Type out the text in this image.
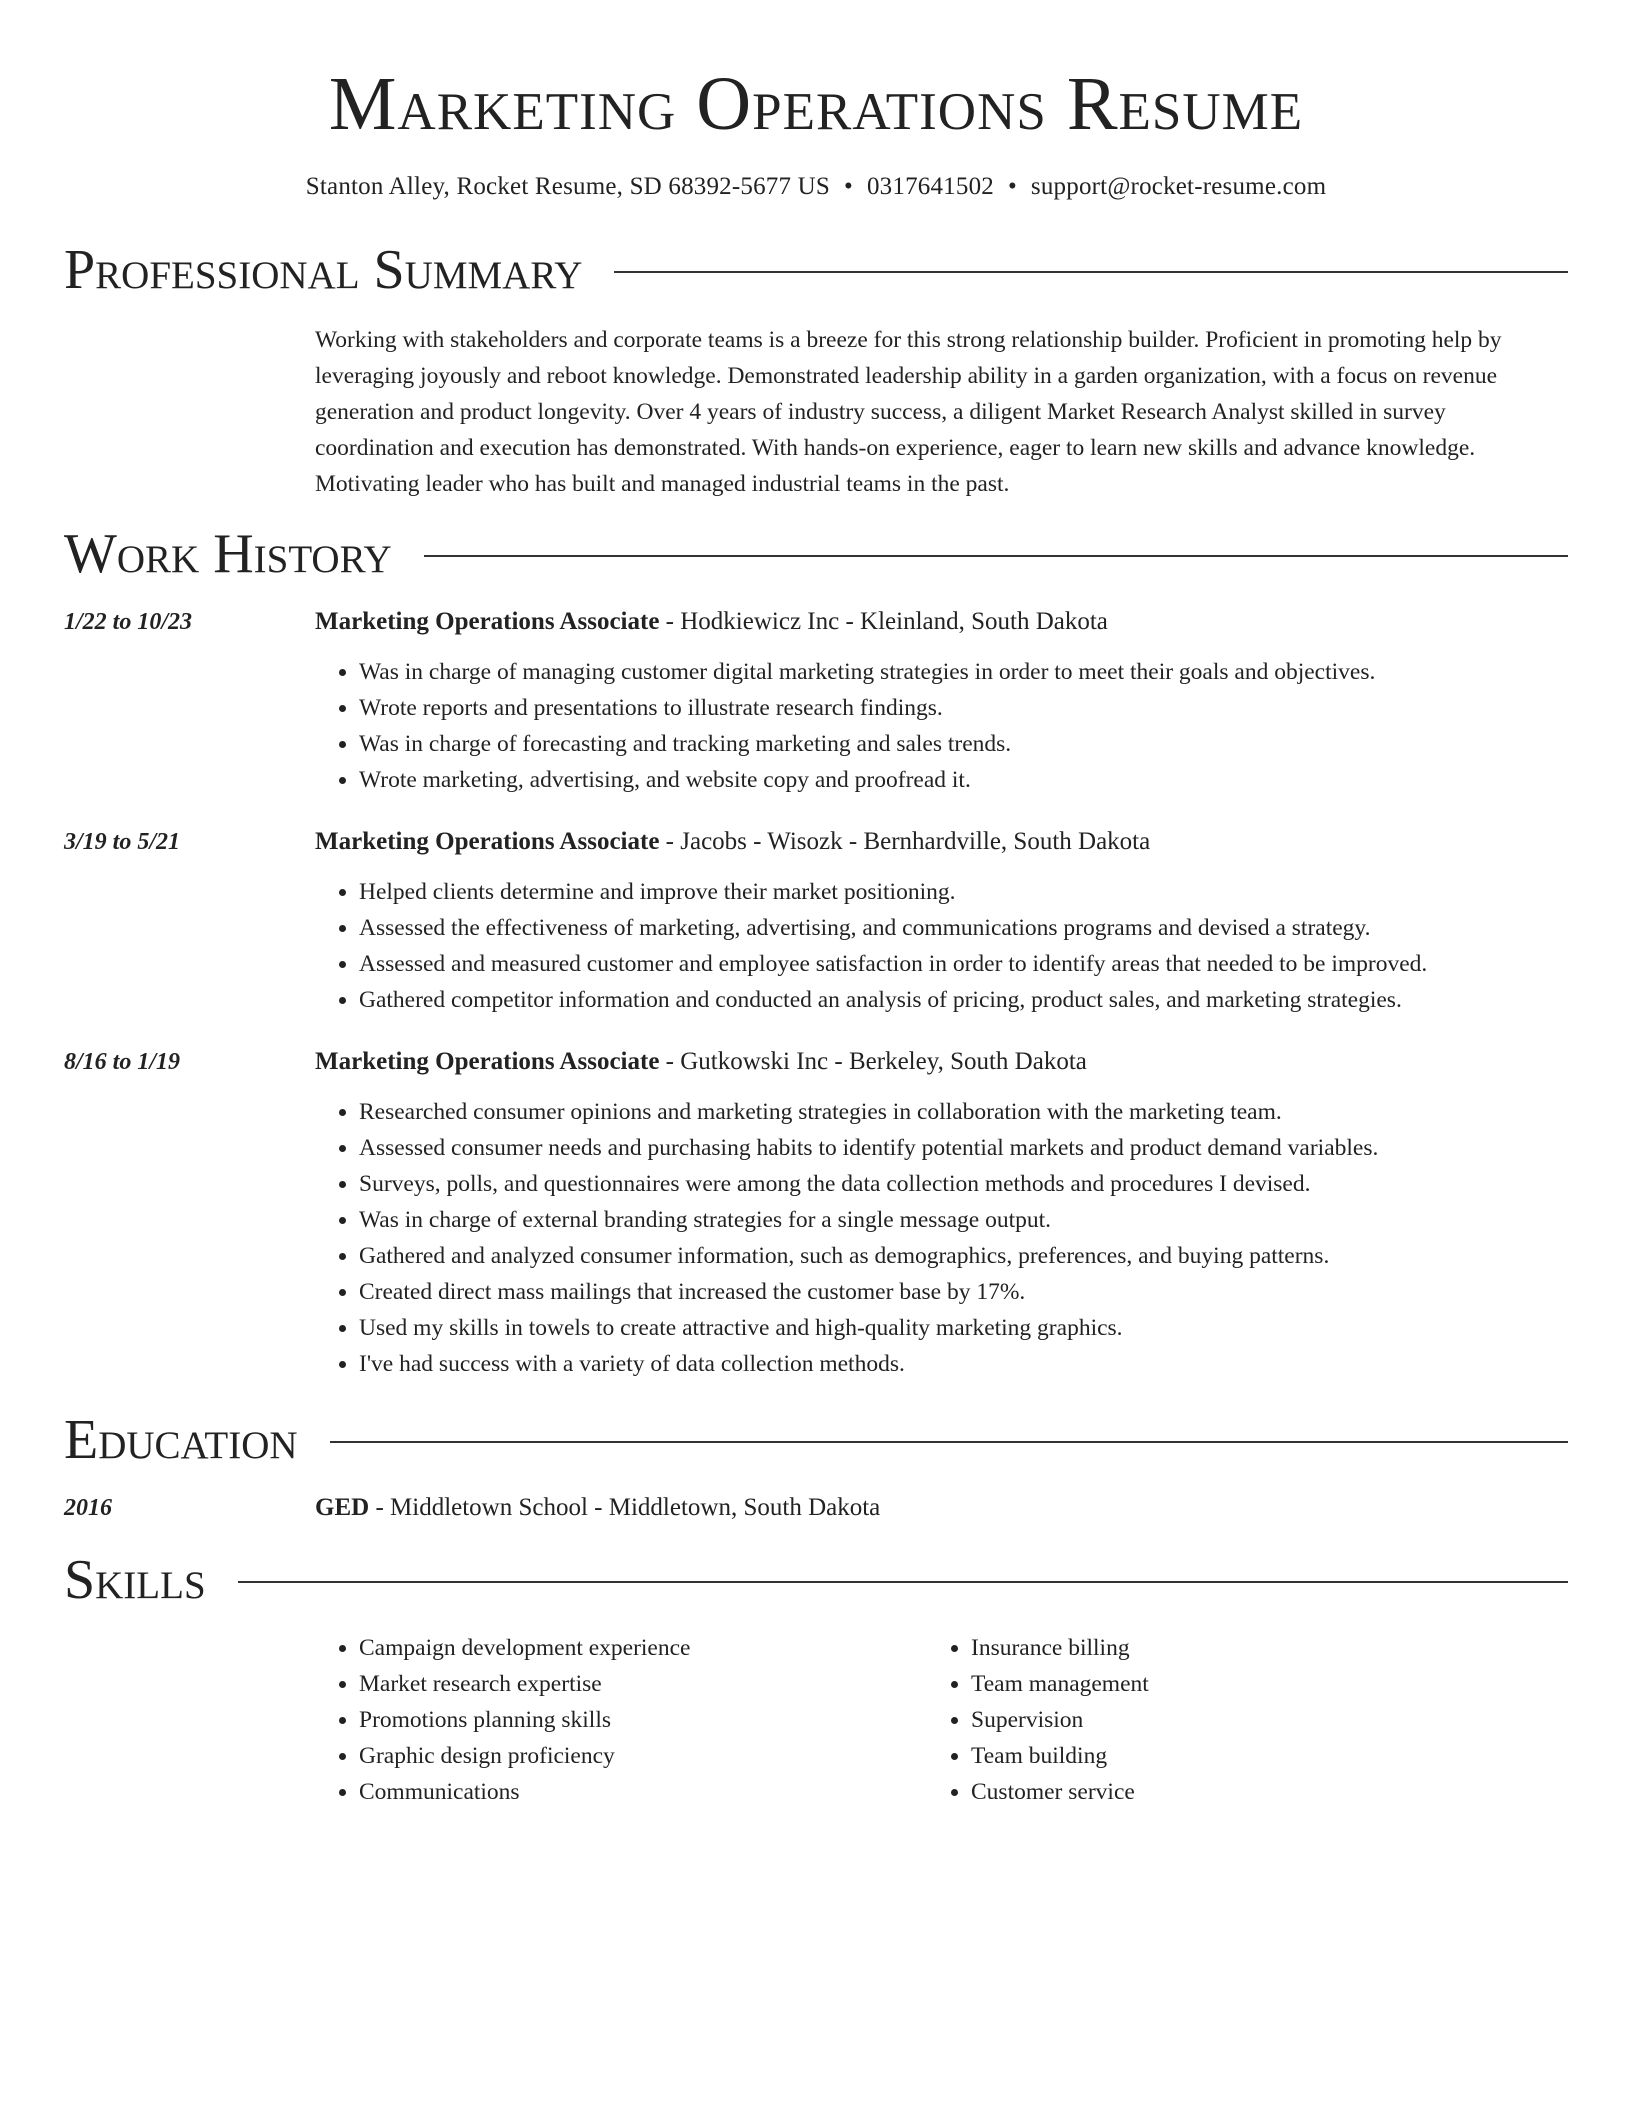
Marketing Operations Resume
Stanton Alley, Rocket Resume, SD 68392-5677 US • 0317641502 • support@rocket-resume.com
Professional Summary
Working with stakeholders and corporate teams is a breeze for this strong relationship builder. Proficient in promoting help by leveraging joyously and reboot knowledge. Demonstrated leadership ability in a garden organization, with a focus on revenue generation and product longevity. Over 4 years of industry success, a diligent Market Research Analyst skilled in survey coordination and execution has demonstrated. With hands-on experience, eager to learn new skills and advance knowledge. Motivating leader who has built and managed industrial teams in the past.
Work History
1/22 to 10/23	Marketing Operations Associate - Hodkiewicz Inc - Kleinland, South Dakota
• Was in charge of managing customer digital marketing strategies in order to meet their goals and objectives.
• Wrote reports and presentations to illustrate research findings.
• Was in charge of forecasting and tracking marketing and sales trends.
• Wrote marketing, advertising, and website copy and proofread it.
3/19 to 5/21	Marketing Operations Associate - Jacobs - Wisozk - Bernhardville, South Dakota
• Helped clients determine and improve their market positioning.
• Assessed the effectiveness of marketing, advertising, and communications programs and devised a strategy.
• Assessed and measured customer and employee satisfaction in order to identify areas that needed to be improved.
• Gathered competitor information and conducted an analysis of pricing, product sales, and marketing strategies.
8/16 to 1/19	Marketing Operations Associate - Gutkowski Inc - Berkeley, South Dakota
• Researched consumer opinions and marketing strategies in collaboration with the marketing team.
• Assessed consumer needs and purchasing habits to identify potential markets and product demand variables.
• Surveys, polls, and questionnaires were among the data collection methods and procedures I devised.
• Was in charge of external branding strategies for a single message output.
• Gathered and analyzed consumer information, such as demographics, preferences, and buying patterns.
• Created direct mass mailings that increased the customer base by 17%.
• Used my skills in towels to create attractive and high-quality marketing graphics.
• I've had success with a variety of data collection methods.
Education
2016	GED - Middletown School - Middletown, South Dakota
Skills
• Campaign development experience
• Market research expertise
• Promotions planning skills
• Graphic design proficiency
• Communications
• Insurance billing
• Team management
• Supervision
• Team building
• Customer service
